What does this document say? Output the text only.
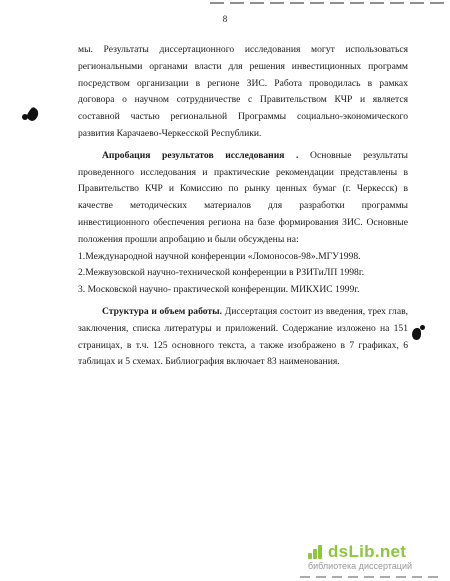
8

мы. Результаты диссертационного исследования могут использоваться региональными органами власти для решения инвестиционных программ посредством организации в регионе ЗИС. Работа проводилась в рамках договора о научном сотрудничестве с Правительством КЧР и является составной частью региональной Программы социально-экономического развития Карачаево-Черкесской Республики.

Апробация результатов исследования . Основные результаты проведенного исследования и практические рекомендации представлены в Правительство КЧР и Комиссию по рынку ценных бумаг (г. Черкесск) в качестве методических материалов для разработки программы инвестиционного обеспечения региона на базе формирования ЗИС. Основные положения прошли апробацию и были обсуждены на:

1.Международной научной конференции «Ломоносов-98».МГУ1998.

2.Межвузовской научно-технической конференции в РЗИТиЛП 1998г.

3. Московской научно- практической конференции. МИКХИС 1999г.

Структура и объем работы. Диссертация состоит из введения, трех глав, заключения, списка литературы и приложений. Содержание изложено на 151 страницах, в т.ч. 125 основного текста, а также изображено в 7 графиках, 6 таблицах и 5 схемах. Библиография включает 83 наименования.

dsLib.net
библиотека диссертаций
